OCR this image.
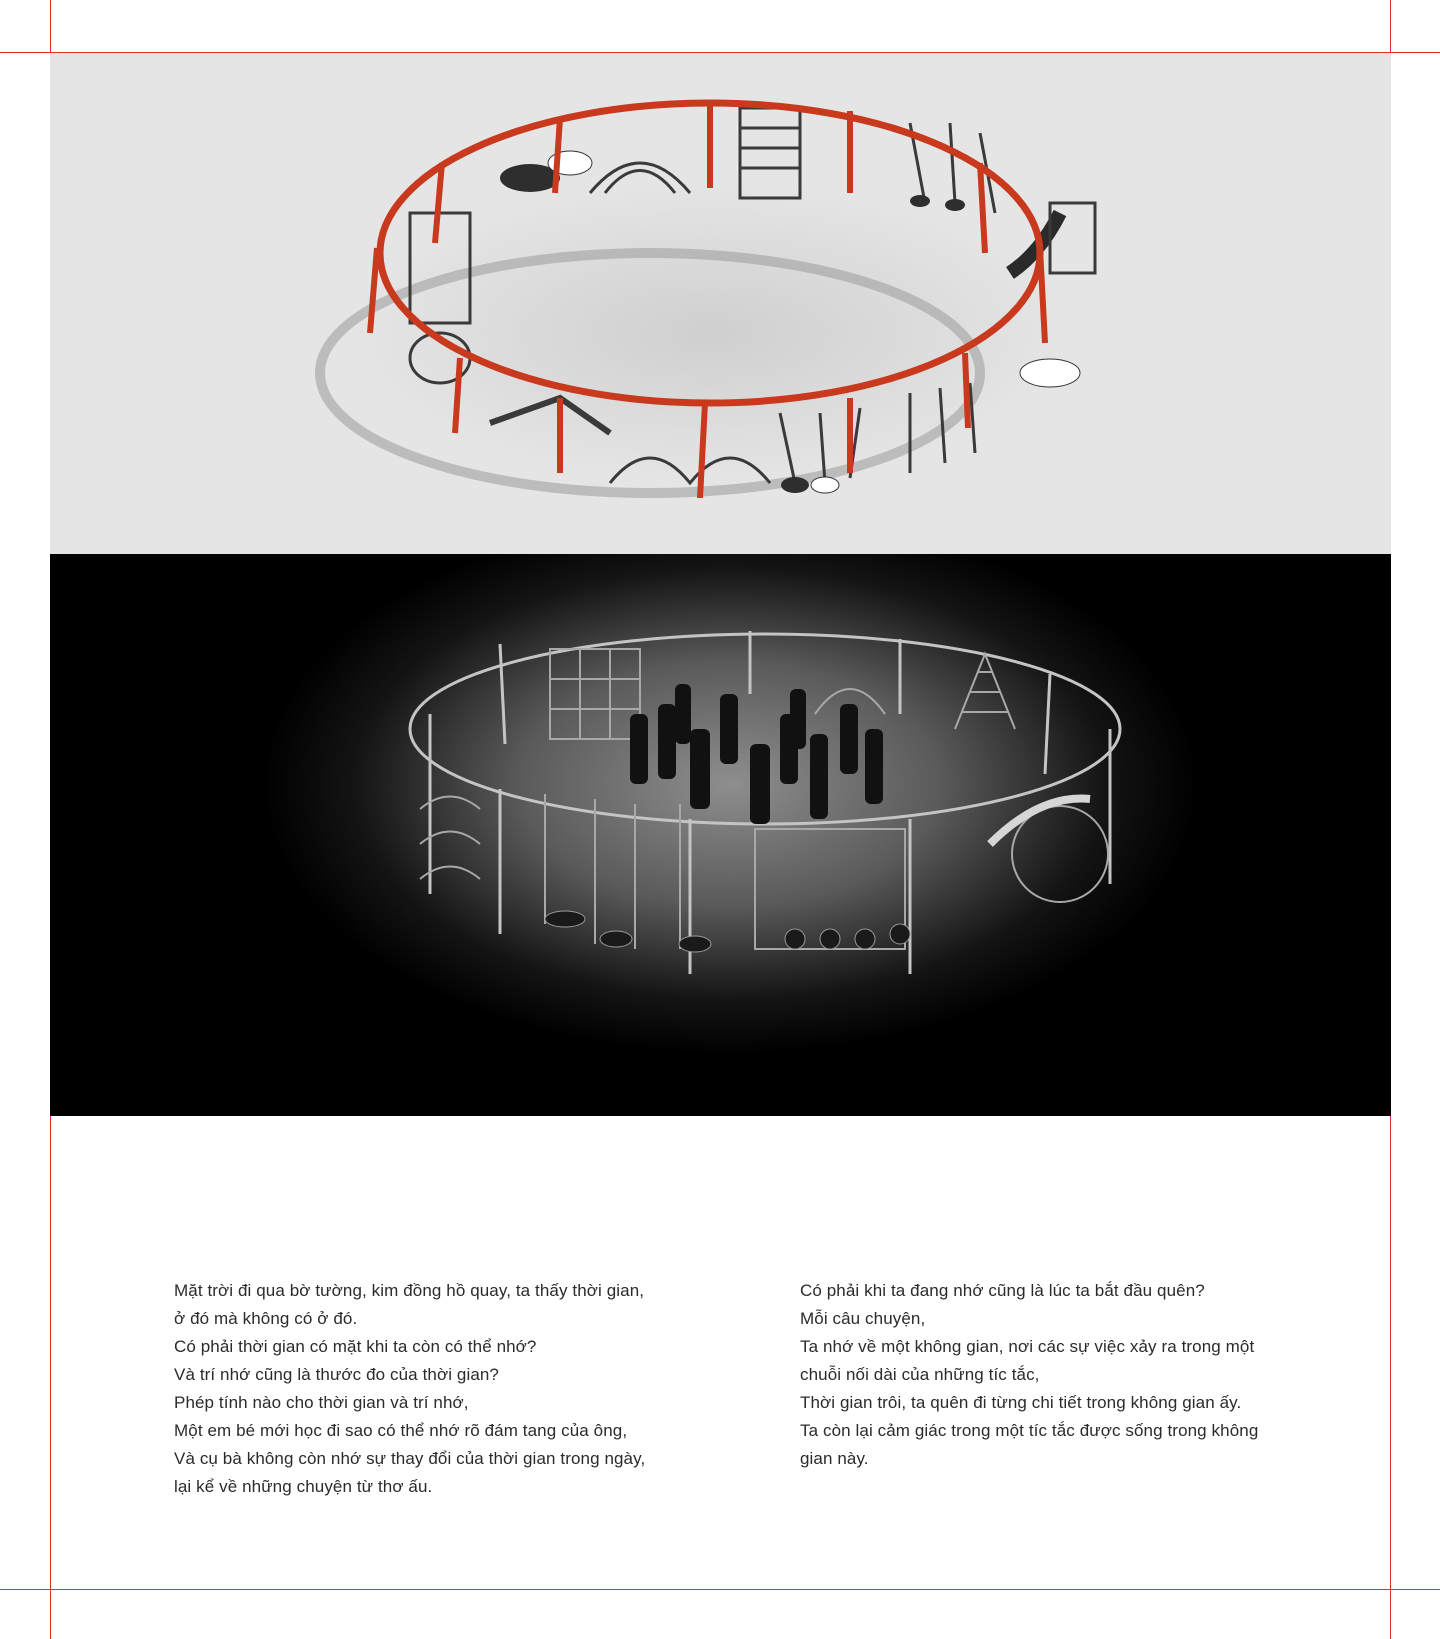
Mặt trời đi qua bờ tường, kim đồng hồ quay, ta thấy thời gian,

ở đó mà không có ở đó.

Có phải thời gian có mặt khi ta còn có thể nhớ?

Và trí nhớ cũng là thước đo của thời gian?

Phép tính nào cho thời gian và trí nhớ,

Một em bé mới học đi sao có thể nhớ rõ đám tang của ông,

Và cụ bà không còn nhớ sự thay đổi của thời gian trong ngày,

lại kể về những chuyện từ thơ ấu.

Có phải khi ta đang nhớ cũng là lúc ta bắt đầu quên?

Mỗi câu chuyện,

Ta nhớ về một không gian, nơi các sự việc xảy ra trong một

chuỗi nối dài của những tíc tắc,

Thời gian trôi, ta quên đi từng chi tiết trong không gian ấy.

Ta còn lại cảm giác trong một tíc tắc được sống trong không

gian này.
